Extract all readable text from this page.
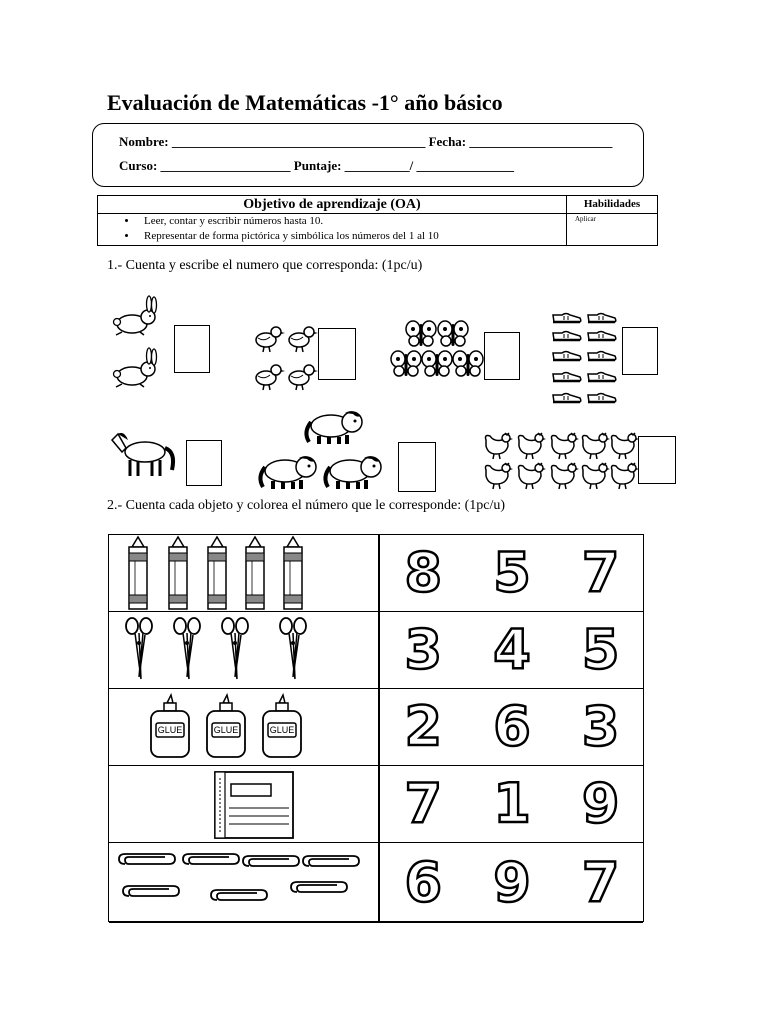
Evaluación de Matemáticas -1° año básico
Nombre: _______________________________________ Fecha: ______________________
Curso: ____________________ Puntaje: __________/ _______________
Objetivo de aprendizaje (OA)
• Leer, contar y escribir números hasta 10.
• Representar de forma pictórica y simbólica los números del 1 al 10
Habilidades
Aplicar
1.- Cuenta y escribe el numero que corresponda: (1pc/u)
2.- Cuenta cada objeto y colorea el número que le corresponde: (1pc/u)
8 5 7
3 4 5
GLUE	GLUE	GLUE 2 6 3
7 1 9
6 9 7
